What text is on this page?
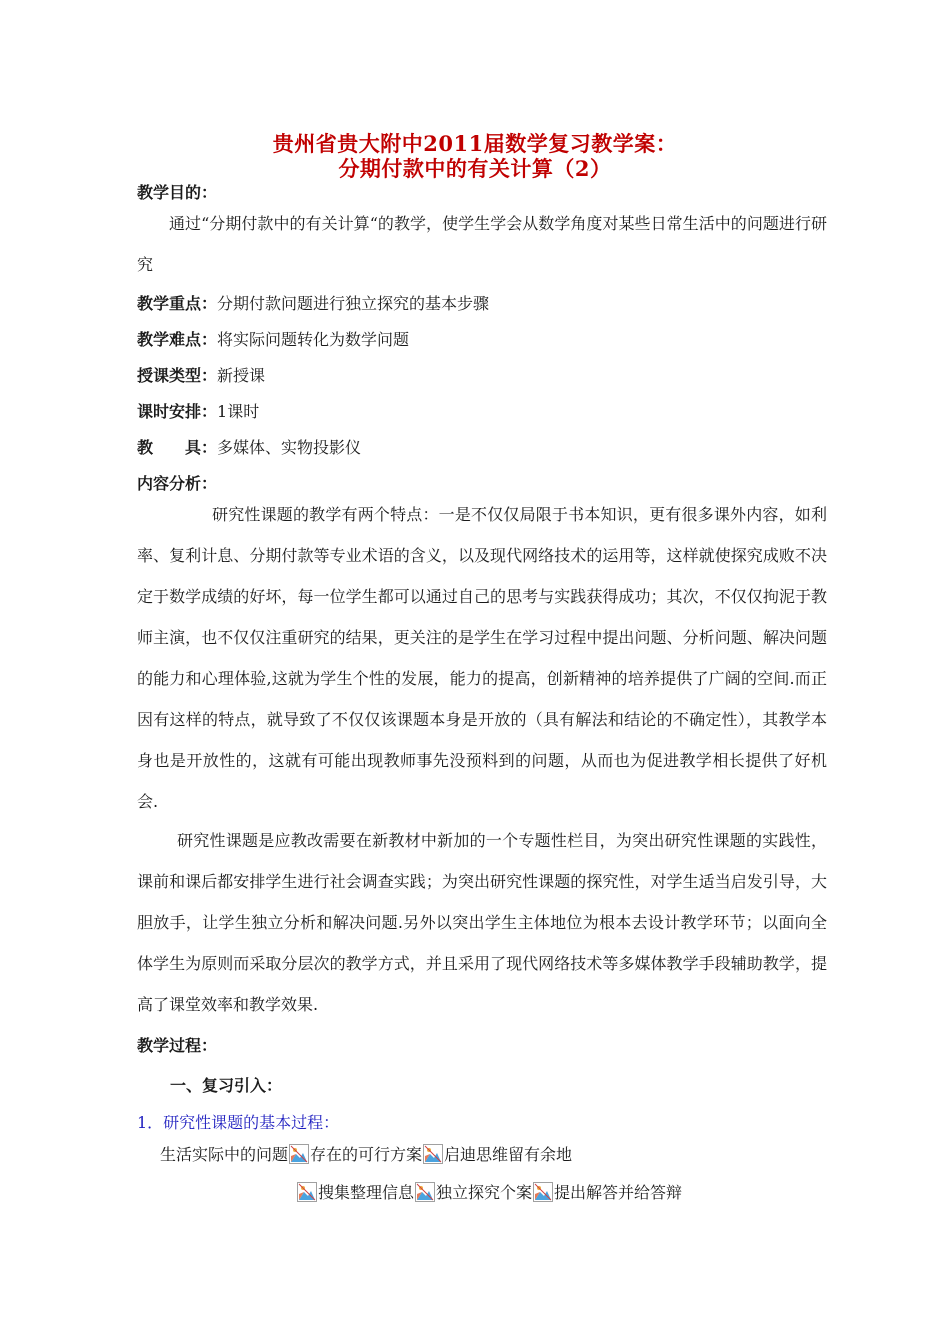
贵州省贵大附中2011届数学复习教学案：
分期付款中的有关计算（2）
教学目的：
通过“分期付款中的有关计算“的教学，使学生学会从数学角度对某些日常生活中的问题进行研究
教学重点：分期付款问题进行独立探究的基本步骤
教学难点：将实际问题转化为数学问题
授课类型：新授课
课时安排：1课时
教　　具：多媒体、实物投影仪
内容分析：
研究性课题的教学有两个特点：一是不仅仅局限于书本知识，更有很多课外内容，如利率、复利计息、分期付款等专业术语的含义，以及现代网络技术的运用等，这样就使探究成败不决定于数学成绩的好坏，每一位学生都可以通过自己的思考与实践获得成功；其次，不仅仅拘泥于教师主演，也不仅仅注重研究的结果，更关注的是学生在学习过程中提出问题、分析问题、解决问题的能力和心理体验,这就为学生个性的发展，能力的提高，创新精神的培养提供了广阔的空间.而正因有这样的特点，就导致了不仅仅该课题本身是开放的（具有解法和结论的不确定性），其教学本身也是开放性的，这就有可能出现教师事先没预料到的问题，从而也为促进教学相长提供了好机会.
研究性课题是应教改需要在新教材中新加的一个专题性栏目，为突出研究性课题的实践性，课前和课后都安排学生进行社会调查实践；为突出研究性课题的探究性，对学生适当启发引导，大胆放手，让学生独立分析和解决问题.另外以突出学生主体地位为根本去设计教学环节；以面向全体学生为原则而采取分层次的教学方式，并且采用了现代网络技术等多媒体教学手段辅助教学，提高了课堂效率和教学效果.
教学过程：
一、复习引入：
1．研究性课题的基本过程：
生活实际中的问题 存在的可行方案 启迪思维留有余地
搜集整理信息 独立探究个案 提出解答并给答辩
